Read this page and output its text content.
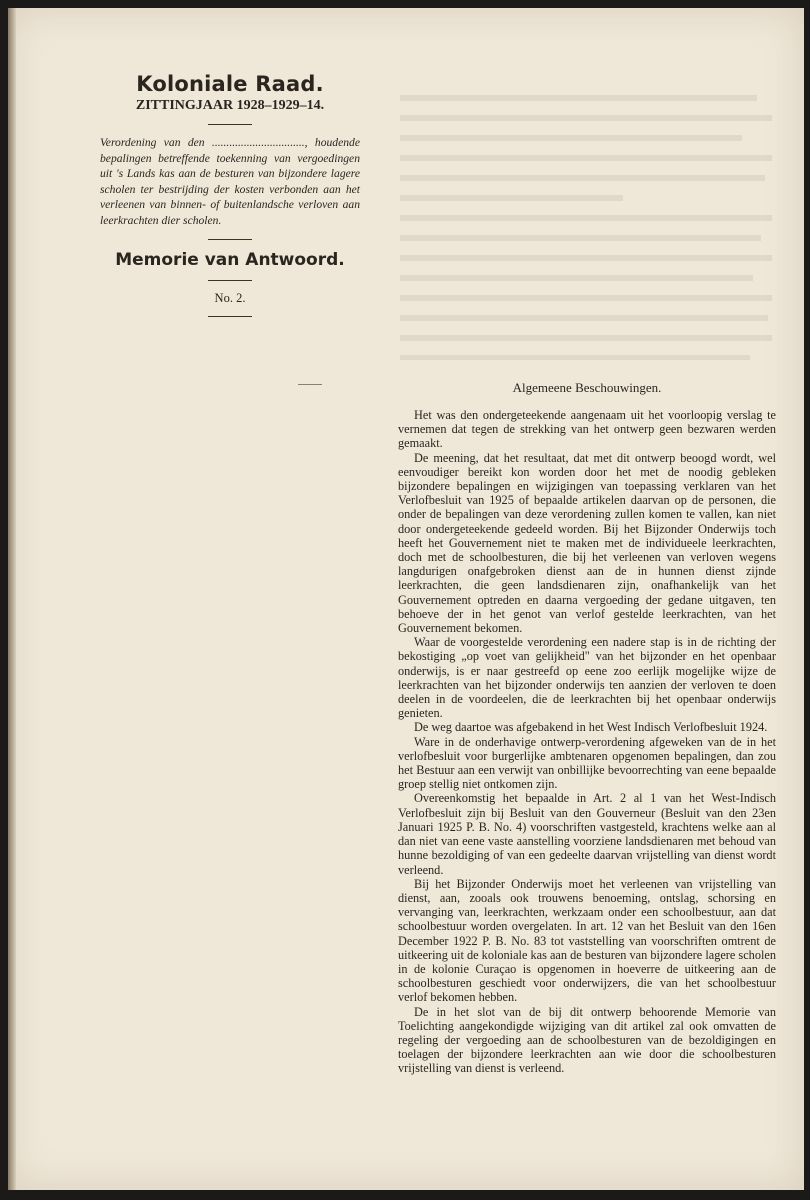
Koloniale Raad.
ZITTINGJAAR 1928–1929–14.

Verordening van den ................................, houdende bepalingen betreffende toekenning van vergoedingen uit 's Lands kas aan de besturen van bijzondere lagere scholen ter bestrijding der kosten verbonden aan het verleenen van binnen- of buitenlandsche verloven aan leerkrachten dier scholen.

Memorie van Antwoord.
No. 2.
Algemeene Beschouwingen.

Het was den ondergeteekende aangenaam uit het voorloopig verslag te vernemen dat tegen de strekking van het ontwerp geen bezwaren werden gemaakt.

De meening, dat het resultaat, dat met dit ontwerp beoogd wordt, wel eenvoudiger bereikt kon worden door het met de noodig gebleken bijzondere bepalingen en wijzigingen van toepassing verklaren van het Verlofbesluit van 1925 of bepaalde artikelen daarvan op de personen, die onder de bepalingen van deze verordening zullen komen te vallen, kan niet door ondergeteekende gedeeld worden. Bij het Bijzonder Onderwijs toch heeft het Gouvernement niet te maken met de individueele leerkrachten, doch met de schoolbesturen, die bij het verleenen van verloven wegens langdurigen onafgebroken dienst aan de in hunnen dienst zijnde leerkrachten, die geen landsdienaren zijn, onafhankelijk van het Gouvernement optreden en daarna vergoeding der gedane uitgaven, ten behoeve der in het genot van verlof gestelde leerkrachten, van het Gouvernement bekomen.

Waar de voorgestelde verordening een nadere stap is in de richting der bekostiging „op voet van gelijkheid" van het bijzonder en het openbaar onderwijs, is er naar gestreefd op eene zoo eerlijk mogelijke wijze de leerkrachten van het bijzonder onderwijs ten aanzien der verloven te doen deelen in de voordeelen, die de leerkrachten bij het openbaar onderwijs genieten.

De weg daartoe was afgebakend in het West Indisch Verlofbesluit 1924.

Ware in de onderhavige ontwerp-verordening afgeweken van de in het verlofbesluit voor burgerlijke ambtenaren opgenomen bepalingen, dan zou het Bestuur aan een verwijt van onbillijke bevoorrechting van eene bepaalde groep stellig niet ontkomen zijn.

Overeenkomstig het bepaalde in Art. 2 al 1 van het West-Indisch Verlofbesluit zijn bij Besluit van den Gouverneur (Besluit van den 23en Januari 1925 P. B. No. 4) voorschriften vastgesteld, krachtens welke aan al dan niet van eene vaste aanstelling voorziene landsdienaren met behoud van hunne bezoldiging of van een gedeelte daarvan vrijstelling van dienst wordt verleend.

Bij het Bijzonder Onderwijs moet het verleenen van vrijstelling van dienst, aan, zooals ook trouwens benoeming, ontslag, schorsing en vervanging van, leerkrachten, werkzaam onder een schoolbestuur, aan dat schoolbestuur worden overgelaten. In art. 12 van het Besluit van den 16en December 1922 P. B. No. 83 tot vaststelling van voorschriften omtrent de uitkeering uit de koloniale kas aan de besturen van bijzondere lagere scholen in de kolonie Curaçao is opgenomen in hoeverre de uitkeering aan de schoolbesturen geschiedt voor onderwijzers, die van het schoolbestuur verlof bekomen hebben.

De in het slot van de bij dit ontwerp behoorende Memorie van Toelichting aangekondigde wijziging van dit artikel zal ook omvatten de regeling der vergoeding aan de schoolbesturen van de bezoldigingen en toelagen der bijzondere leerkrachten aan wie door die schoolbesturen vrijstelling van dienst is verleend.
